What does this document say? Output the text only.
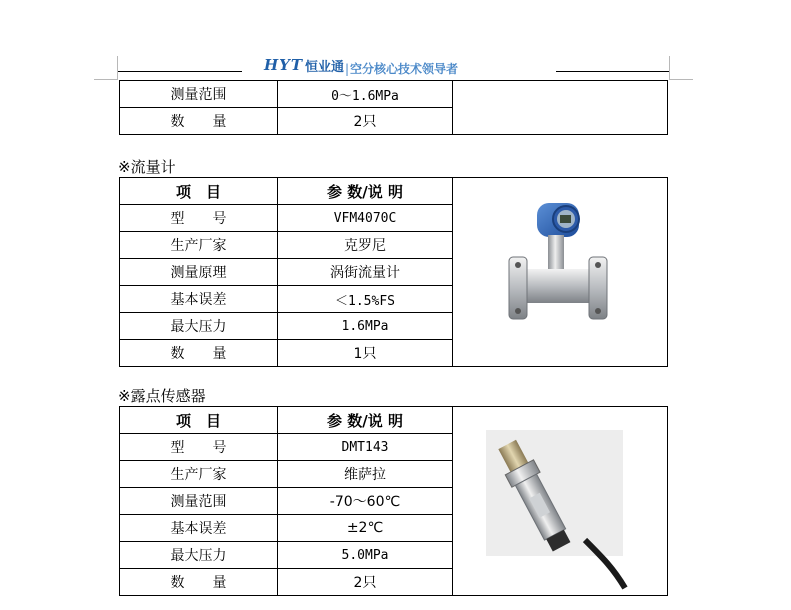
HYT 恒业通 |空分核心技术领导者
测量范围	0～1.6MPa	
数　　量	2只	
※流量计
项　目	参 数/说 明	
型　　号	VFM4070C	
生产厂家	克罗尼	
测量原理	涡街流量计	
基本误差	＜1.5%FS	
最大压力	1.6MPa	
数　　量	1只	
※露点传感器
项　目	参 数/说 明	
型　　号	DMT143	
生产厂家	维萨拉	
测量范围	-70～60℃	
基本误差	±2℃	
最大压力	5.0MPa	
数　　量	2只	
